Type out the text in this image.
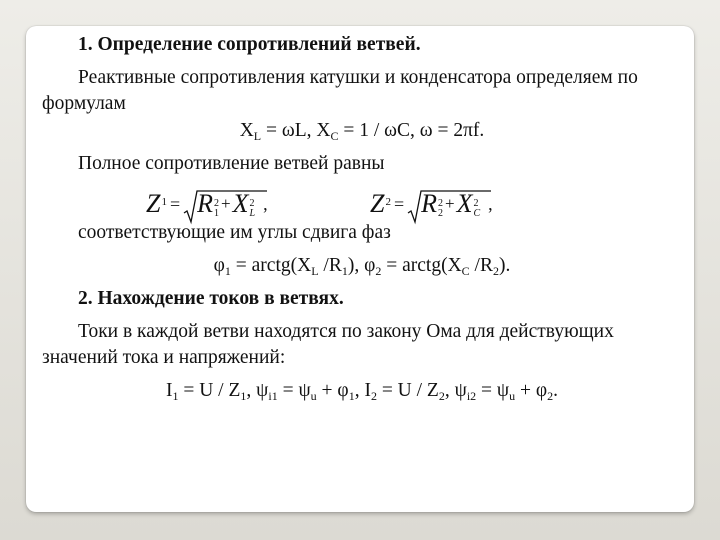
1. Определение сопротивлений ветвей.

Реактивные сопротивления катушки и конденсатора определяем по формулам

$X_L = \omega L$, $X_C = 1 / \omega C$, ω = 2πf.

Полное сопротивление ветвей равны

Z 1 = R 2
1
+ X 2
L ,	Z 2 = R 2
2
+ X 2
C ,

соответствующие им углы сдвига фаз

$\varphi_1$ = $arctg(X_L$ $/R_1$), $\varphi_2$ = $arctg(X_C$ $/R_2$).

2. Нахождение токов в ветвях.

Токи в каждой ветви находятся по закону Ома для действующих значений тока и напряжений:

$I_1 = U / Z_1$, $\psi_{i1} = \psi_u + \varphi_1$, $I_2 = U / Z_2$, $\psi_{i2} = \psi_u + \varphi_2$.
